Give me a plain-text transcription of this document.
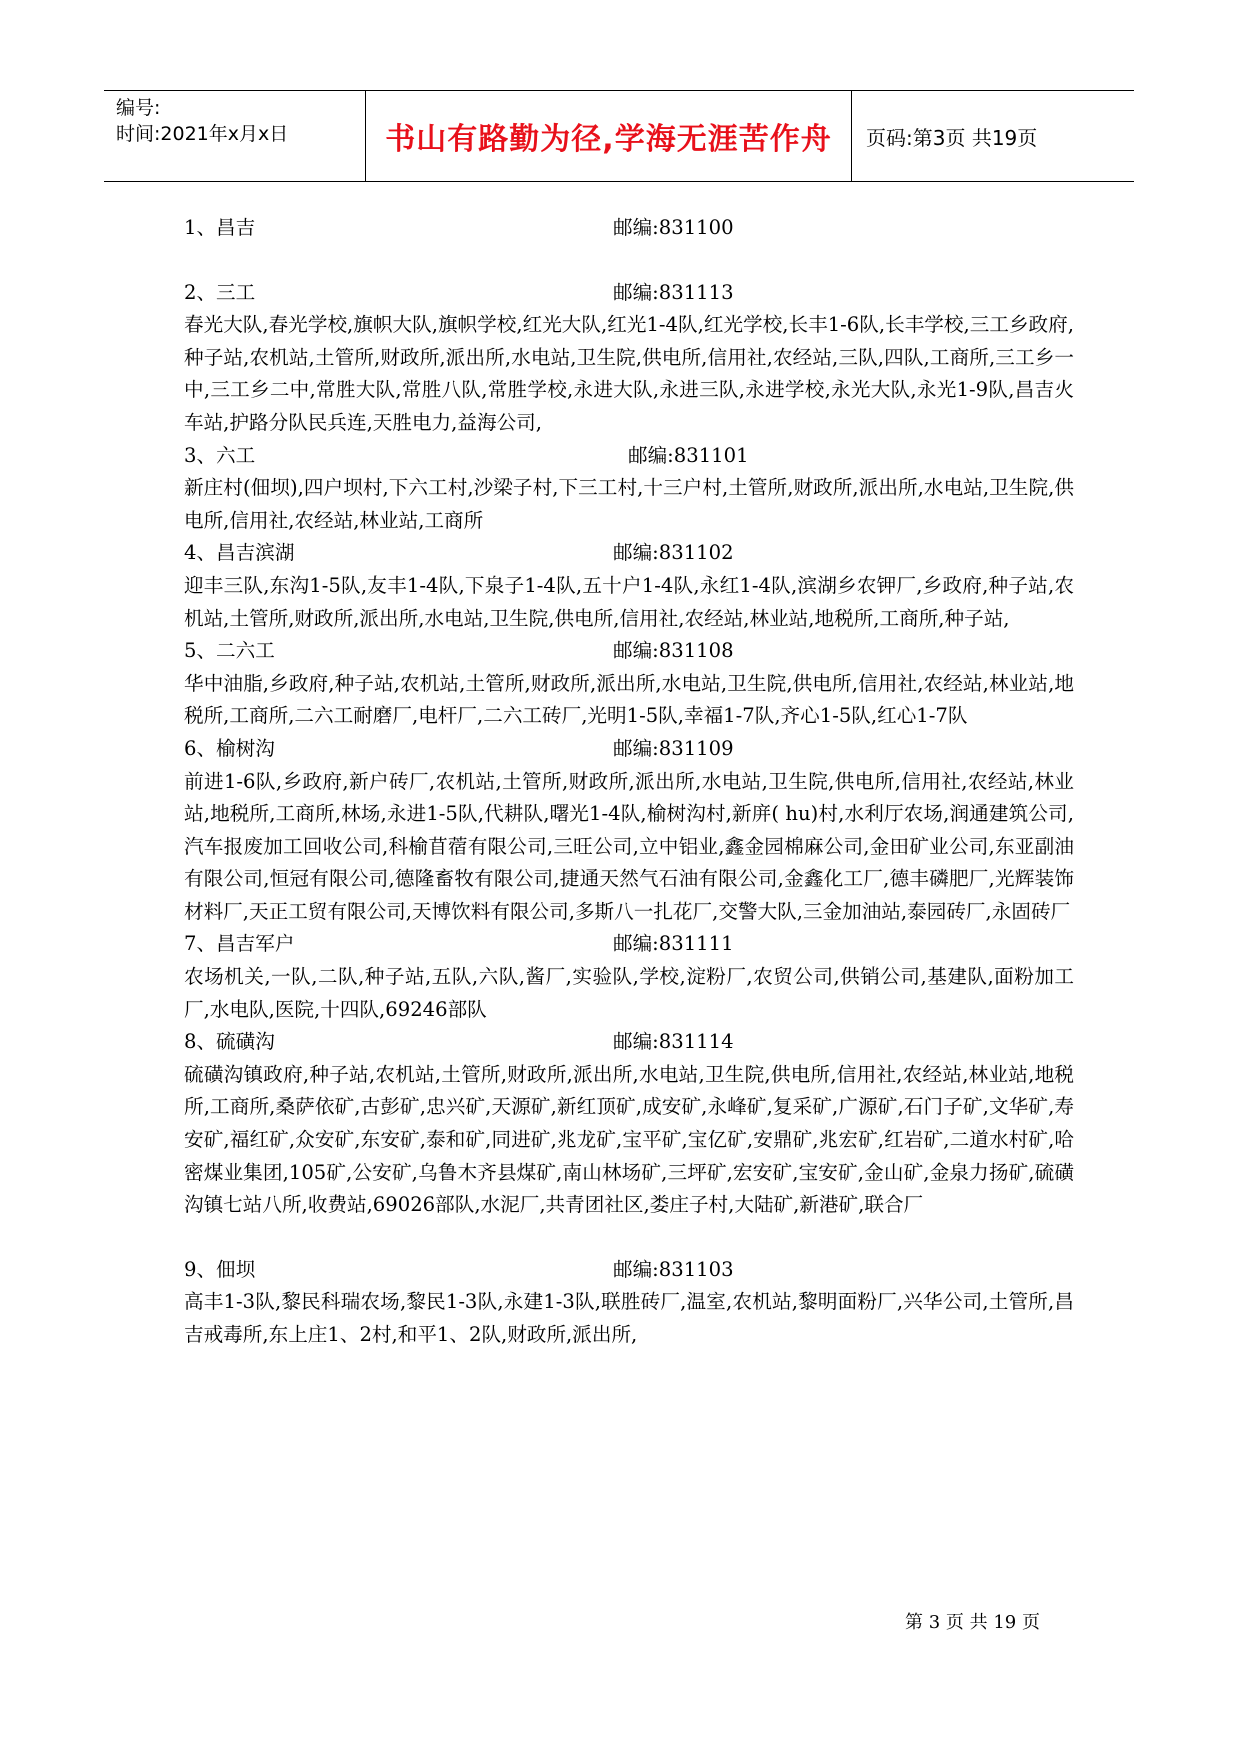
编号:
时间:2021年x月x日	书山有路勤为径,学海无涯苦作舟	页码:第3页 共19页
1、昌吉	邮编:831100
2、三工	邮编:831113
春光大队,春光学校,旗帜大队,旗帜学校,红光大队,红光1-4队,红光学校,长丰1-6队,长丰学校,三工乡政府,种子站,农机站,土管所,财政所,派出所,水电站,卫生院,供电所,信用社,农经站,三队,四队,工商所,三工乡一中,三工乡二中,常胜大队,常胜八队,常胜学校,永进大队,永进三队,永进学校,永光大队,永光1-9队,昌吉火车站,护路分队民兵连,天胜电力,益海公司,
3、六工	邮编:831101
新庄村(佃坝),四户坝村,下六工村,沙梁子村,下三工村,十三户村,土管所,财政所,派出所,水电站,卫生院,供电所,信用社,农经站,林业站,工商所
4、昌吉滨湖	邮编:831102
迎丰三队,东沟1-5队,友丰1-4队,下泉子1-4队,五十户1-4队,永红1-4队,滨湖乡农钾厂,乡政府,种子站,农机站,土管所,财政所,派出所,水电站,卫生院,供电所,信用社,农经站,林业站,地税所,工商所,种子站,
5、二六工	邮编:831108
华中油脂,乡政府,种子站,农机站,土管所,财政所,派出所,水电站,卫生院,供电所,信用社,农经站,林业站,地税所,工商所,二六工耐磨厂,电杆厂,二六工砖厂,光明1-5队,幸福1-7队,齐心1-5队,红心1-7队
6、榆树沟	邮编:831109
前进1-6队,乡政府,新户砖厂,农机站,土管所,财政所,派出所,水电站,卫生院,供电所,信用社,农经站,林业站,地税所,工商所,林场,永进1-5队,代耕队,曙光1-4队,榆树沟村,新庰( hu)村,水利厅农场,润通建筑公司,汽车报废加工回收公司,科榆苜蓿有限公司,三旺公司,立中铝业,鑫金园棉麻公司,金田矿业公司,东亚副油有限公司,恒冠有限公司,德隆畜牧有限公司,捷通天然气石油有限公司,金鑫化工厂,德丰磷肥厂,光辉装饰材料厂,天正工贸有限公司,天博饮料有限公司,多斯八一扎花厂,交警大队,三金加油站,泰园砖厂,永固砖厂
7、昌吉军户	邮编:831111
农场机关,一队,二队,种子站,五队,六队,酱厂,实验队,学校,淀粉厂,农贸公司,供销公司,基建队,面粉加工厂,水电队,医院,十四队,69246部队
8、硫磺沟	邮编:831114
硫磺沟镇政府,种子站,农机站,土管所,财政所,派出所,水电站,卫生院,供电所,信用社,农经站,林业站,地税所,工商所,桑萨依矿,古彭矿,忠兴矿,天源矿,新红顶矿,成安矿,永峰矿,复采矿,广源矿,石门子矿,文华矿,寿安矿,福红矿,众安矿,东安矿,泰和矿,同进矿,兆龙矿,宝平矿,宝亿矿,安鼎矿,兆宏矿,红岩矿,二道水村矿,哈密煤业集团,105矿,公安矿,乌鲁木齐县煤矿,南山林场矿,三坪矿,宏安矿,宝安矿,金山矿,金泉力扬矿,硫磺沟镇七站八所,收费站,69026部队,水泥厂,共青团社区,娄庄子村,大陆矿,新港矿,联合厂
9、佃坝	邮编:831103
高丰1-3队,黎民科瑞农场,黎民1-3队,永建1-3队,联胜砖厂,温室,农机站,黎明面粉厂,兴华公司,土管所,昌吉戒毒所,东上庄1、2村,和平1、2队,财政所,派出所,
第 3 页 共 19 页
